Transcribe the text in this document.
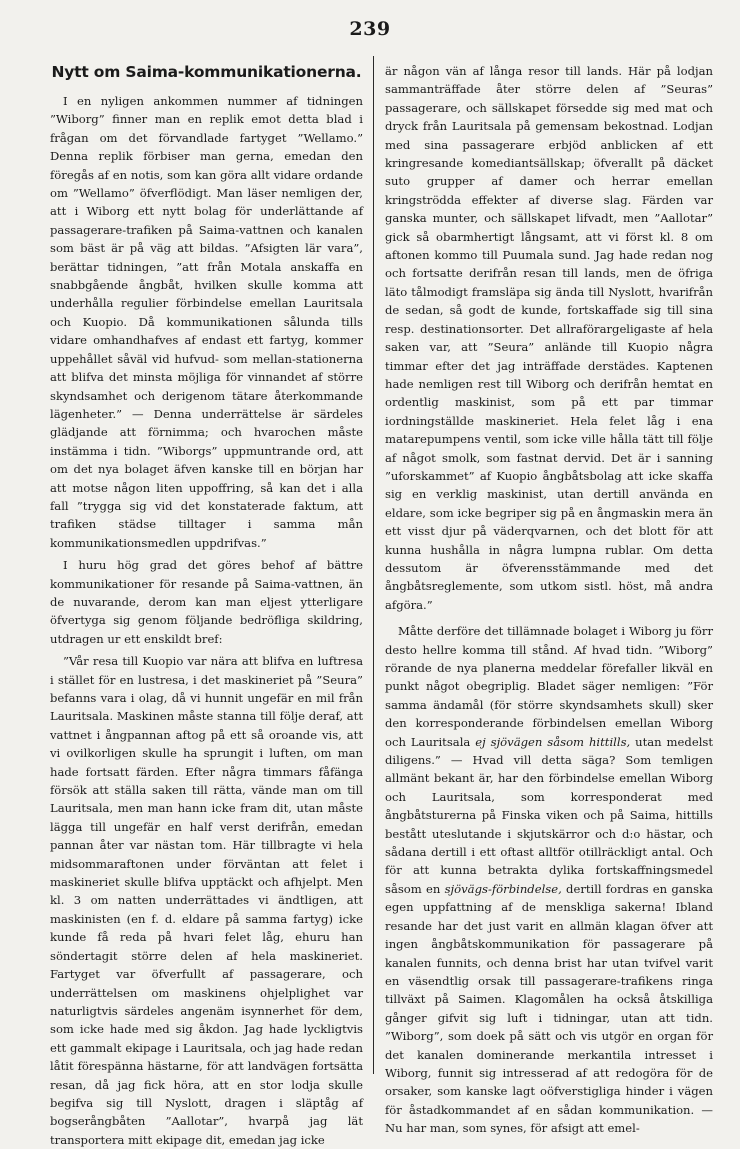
239
Nytt om Saima-kommunikationerna.

I en nyligen ankommen nummer af tidningen ”Wiborg” finner man en replik emot detta blad i frågan om det förvandlade fartyget ”Wellamo.” Denna replik förbiser man gerna, emedan den föregås af en notis, som kan göra allt vidare ordande om ”Wellamo” öfverflödigt. Man läser nemligen der, att i Wiborg ett nytt bolag för underlättande af passagerare-trafiken på Saima-vattnen och kanalen som bäst är på väg att bildas. ”Afsigten lär vara”, berättar tidningen, ”att från Motala anskaffa en snabbgående ångbåt, hvilken skulle komma att underhålla regulier förbindelse emellan Lauritsala och Kuopio. Då kommunikationen sålunda tills vidare omhandhafves af endast ett fartyg, kommer uppehållet såväl vid hufvud- som mellan-stationerna att blifva det minsta möjliga för vinnandet af större skyndsamhet och derigenom tätare återkommande lägenheter.” — Denna underrättelse är särdeles glädjande att förnimma; och hvarochen måste instämma i tidn. ”Wiborgs” uppmuntrande ord, att om det nya bolaget äfven kanske till en början har att motse någon liten uppoffring, så kan det i alla fall ”trygga sig vid det konstaterade faktum, att trafiken städse tilltager i samma mån kommunikationsmedlen uppdrifvas.”

I huru hög grad det göres behof af bättre kommunikationer för resande på Saima-vattnen, än de nuvarande, derom kan man eljest ytterligare öfvertyga sig genom följande bedröfliga skildring, utdragen ur ett enskildt bref:

”Vår resa till Kuopio var nära att blifva en luftresa i stället för en lustresa, i det maskineriet på ”Seura” befanns vara i olag, då vi hunnit ungefär en mil från Lauritsala. Maskinen måste stanna till följe deraf, att vattnet i ångpannan aftog på ett så oroande vis, att vi ovilkorligen skulle ha sprungit i luften, om man hade fortsatt färden. Efter några timmars fåfänga försök att ställa saken till rätta, vände man om till Lauritsala, men man hann icke fram dit, utan måste lägga till ungefär en half verst derifrån, emedan pannan åter var nästan tom. Här tillbragte vi hela midsommaraftonen under förväntan att felet i maskineriet skulle blifva upptäckt och afhjelpt. Men kl. 3 om natten underrättades vi ändtligen, att maskinisten (en f. d. eldare på samma fartyg) icke kunde få reda på hvari felet låg, ehuru han söndertagit större delen af hela maskineriet. Fartyget var öfverfullt af passagerare, och underrättelsen om maskinens ohjelplighet var naturligtvis särdeles angenäm isynnerhet för dem, som icke hade med sig åkdon. Jag hade lyckligtvis ett gammalt ekipage i Lauritsala, och jag hade redan låtit förespänna hästarne, för att landvägen fortsätta resan, då jag fick höra, att en stor lodja skulle begifva sig till Nyslott, dragen i släptåg af bogserångbåten ”Aallotar”, hvarpå jag lät transportera mitt ekipage dit, emedan jag icke

är någon vän af långa resor till lands. Här på lodjan sammanträffade åter större delen af ”Seuras” passagerare, och sällskapet försedde sig med mat och dryck från Lauritsala på gemensam bekostnad. Lodjan med sina passagerare erbjöd anblicken af ett kringresande komediantsällskap; öfverallt på däcket suto grupper af damer och herrar emellan kringströdda effekter af diverse slag. Färden var ganska munter, och sällskapet lifvadt, men ”Aallotar” gick så obarmhertigt långsamt, att vi först kl. 8 om aftonen kommo till Puumala sund. Jag hade redan nog och fortsatte derifrån resan till lands, men de öfriga läto tålmodigt framsläpa sig ända till Nyslott, hvarifrån de sedan, så godt de kunde, fortskaffade sig till sina resp. destinationsorter. Det allraförargeligaste af hela saken var, att ”Seura” anlände till Kuopio några timmar efter det jag inträffade derstädes. Kaptenen hade nemligen rest till Wiborg och derifrån hemtat en ordentlig maskinist, som på ett par timmar iordningställde maskineriet. Hela felet låg i ena matarepumpens ventil, som icke ville hålla tätt till följe af något smolk, som fastnat dervid. Det är i sanning ”uforskammet” af Kuopio ångbåtsbolag att icke skaffa sig en verklig maskinist, utan dertill använda en eldare, som icke begriper sig på en ångmaskin mera än ett visst djur på väderqvarnen, och det blott för att kunna hushålla in några lumpna rublar. Om detta dessutom är öfverensstämmande med det ångbåtsreglemente, som utkom sistl. höst, må andra afgöra.”

Måtte derföre det tillämnade bolaget i Wiborg ju förr desto hellre komma till stånd. Af hvad tidn. ”Wiborg” rörande de nya planerna meddelar förefaller likväl en punkt något obegriplig. Bladet säger nemligen: ”För samma ändamål (för större skyndsamhets skull) sker den korresponderande förbindelsen emellan Wiborg och Lauritsala ej sjövägen såsom hittills, utan medelst diligens.” — Hvad vill detta säga? Som temligen allmänt bekant är, har den förbindelse emellan Wiborg och Lauritsala, som korresponderat med ångbåtsturerna på Finska viken och på Saima, hittills bestått uteslutande i skjutskärror och d:o hästar, och sådana dertill i ett oftast alltför otillräckligt antal. Och för att kunna betrakta dylika fortskaffningsmedel såsom en sjövägs-förbindelse, dertill fordras en ganska egen uppfattning af de menskliga sakerna! Ibland resande har det just varit en allmän klagan öfver att ingen ångbåtskommunikation för passagerare på kanalen funnits, och denna brist har utan tvifvel varit en väsendtlig orsak till passagerare-trafikens ringa tillväxt på Saimen. Klagomålen ha också åtskilliga gånger gifvit sig luft i tidningar, utan att tidn. ”Wiborg”, som doek på sätt och vis utgör en organ för det kanalen dominerande merkantila intresset i Wiborg, funnit sig intresserad af att redogöra för de orsaker, som kanske lagt oöfverstigliga hinder i vägen för åstadkommandet af en sådan kommunikation. — Nu har man, som synes, för afsigt att emel-
